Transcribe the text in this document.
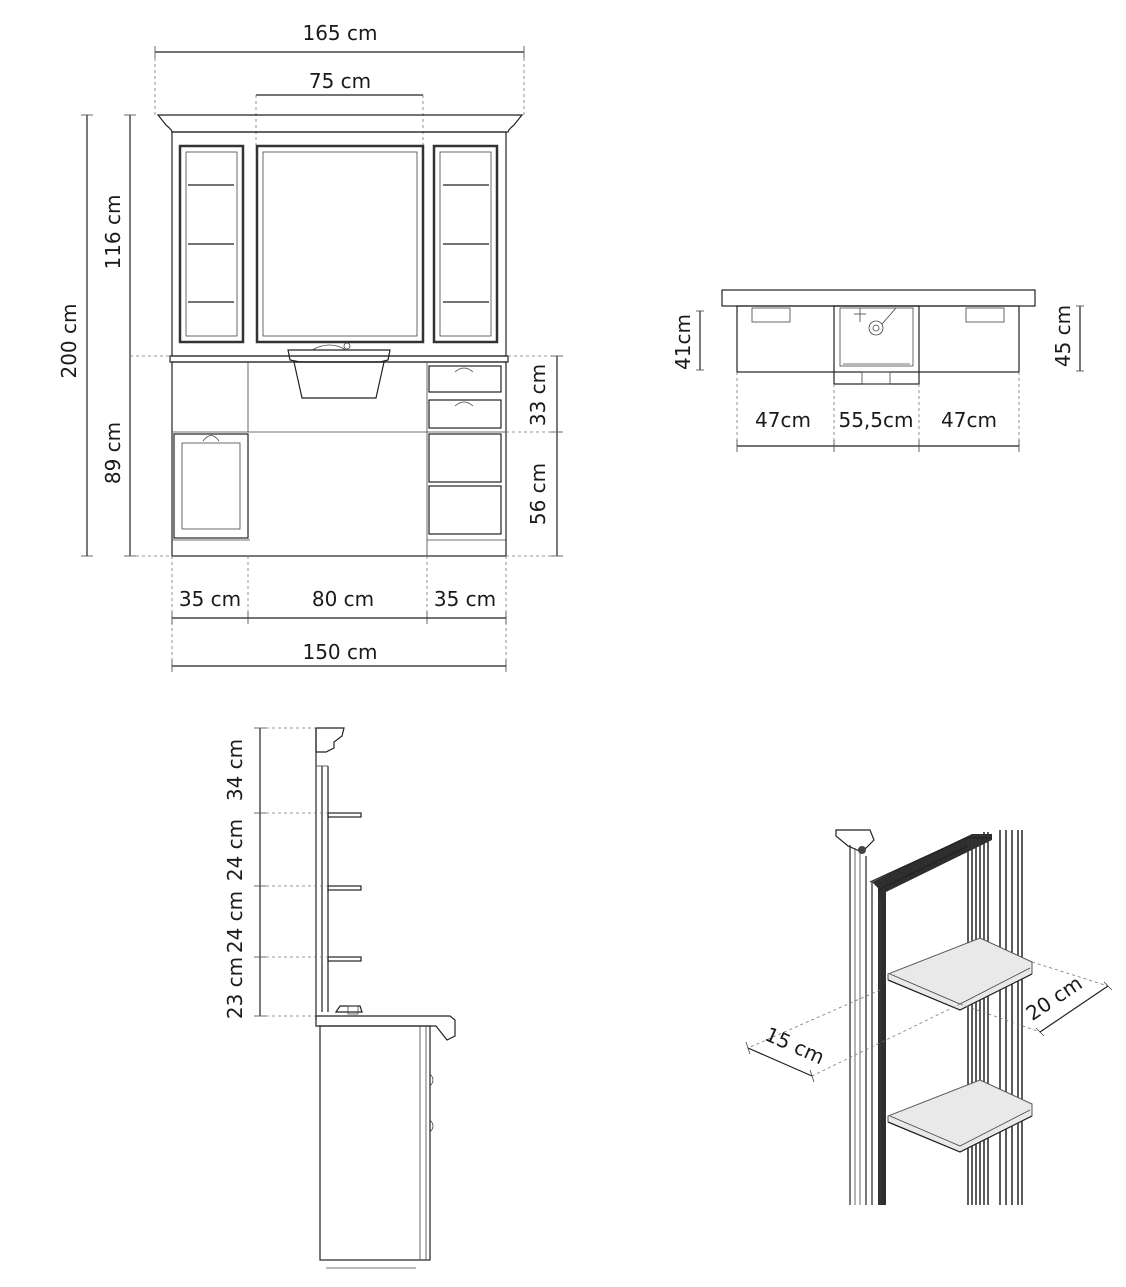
165 cm
75 cm
200 cm
116 cm
89 cm
33 cm
56 cm
35 cm	80 cm	35 cm
150 cm
41cm	45 cm
47cm 55,5cm 47cm
34 cm
24 cm
24 cm
23 cm	20 cm
15 cm
